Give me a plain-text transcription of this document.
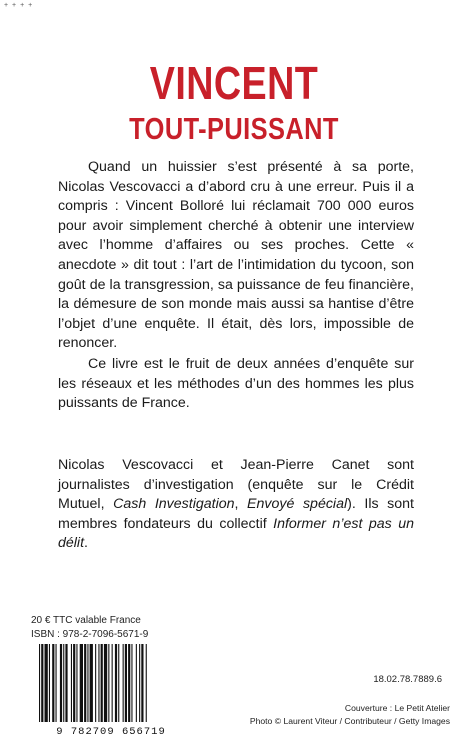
+ + + +
VINCENT
TOUT-PUISSANT

Quand un huissier s’est présenté à sa porte, Nicolas Vescovacci a d’abord cru à une erreur. Puis il a compris : Vincent Bolloré lui réclamait 700 000 euros pour avoir simplement cherché à obtenir une interview avec l’homme d’affaires ou ses proches. Cette « anecdote » dit tout : l’art de l’intimidation du tycoon, son goût de la transgression, sa puissance de feu financière, la démesure de son monde mais aussi sa hantise d’être l’objet d’une enquête. Il était, dès lors, impossible de renoncer.

Ce livre est le fruit de deux années d’enquête sur les réseaux et les méthodes d’un des hommes les plus puissants de France.

Nicolas Vescovacci et Jean-Pierre Canet sont journalistes d’investigation (enquête sur le Crédit Mutuel, Cash Investigation, Envoyé spécial). Ils sont membres fondateurs du collectif Informer n’est pas un délit.

20 € TTC valable France
ISBN : 978-2-7096-5671-9
9 782709 656719
18.02.78.7889.6
Couverture : Le Petit Atelier
Photo © Laurent Viteur / Contributeur / Getty Images
